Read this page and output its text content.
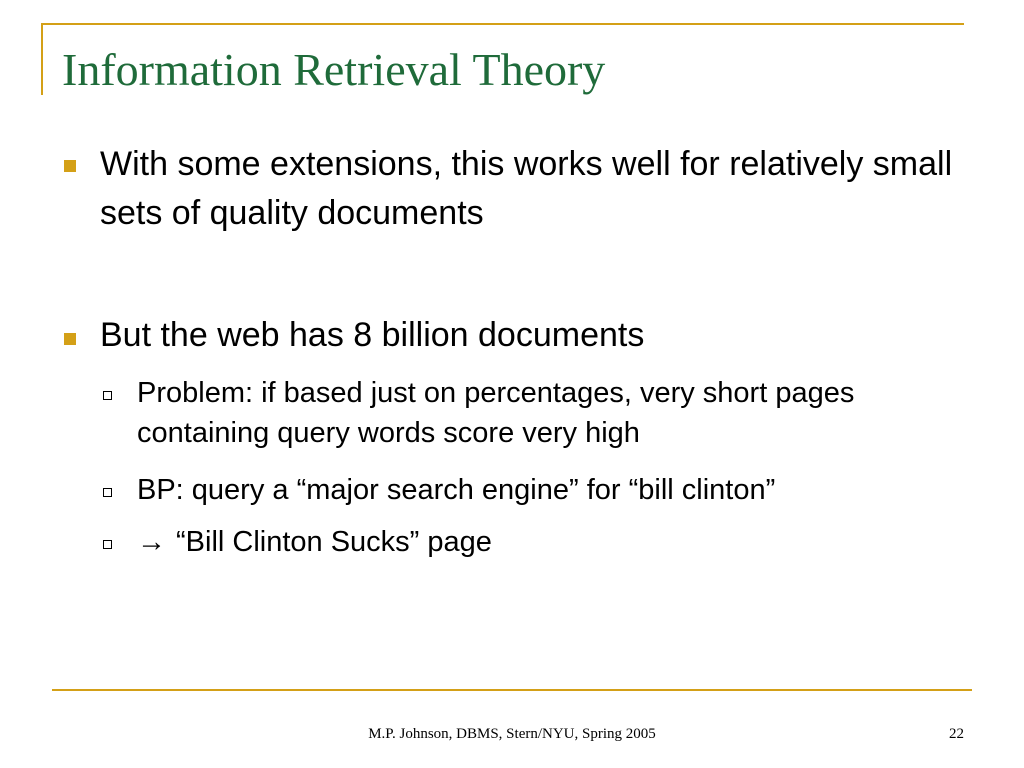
Information Retrieval Theory
With some extensions, this works well for relatively small sets of quality documents
But the web has 8 billion documents
Problem: if based just on percentages, very short pages containing query words score very high
BP: query a “major search engine” for “bill clinton”
→ “Bill Clinton Sucks” page
M.P. Johnson, DBMS, Stern/NYU, Spring 2005	22
